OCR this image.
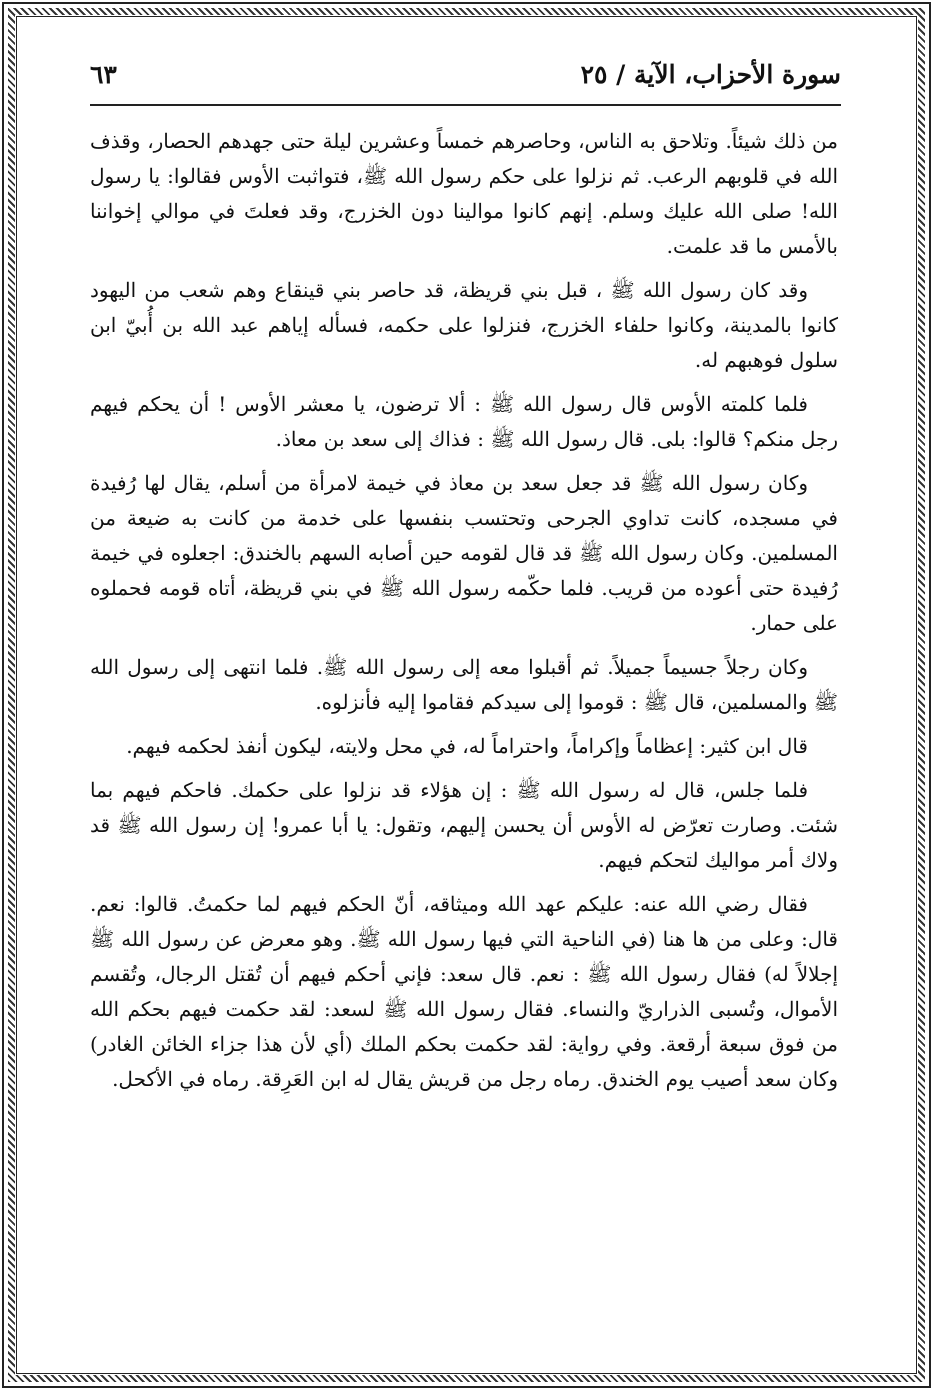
سورة الأحزاب، الآية / ٢٥
٦٣

من ذلك شيئاً. وتلاحق به الناس، وحاصرهم خمساً وعشرين ليلة حتى جهدهم الحصار، وقذف الله في قلوبهم الرعب. ثم نزلوا على حكم رسول الله ﷺ، فتواثبت الأوس فقالوا: يا رسول الله! صلى الله عليك وسلم. إنهم كانوا موالينا دون الخزرج، وقد فعلتَ في موالي إخواننا بالأمس ما قد علمت.

وقد كان رسول الله ﷺ ، قبل بني قريظة، قد حاصر بني قينقاع وهم شعب من اليهود كانوا بالمدينة، وكانوا حلفاء الخزرج، فنزلوا على حكمه، فسأله إياهم عبد الله بن أُبيّ ابن سلول فوهبهم له.

فلما كلمته الأوس قال رسول الله ﷺ : ألا ترضون، يا معشر الأوس ! أن يحكم فيهم رجل منكم؟ قالوا: بلى. قال رسول الله ﷺ : فذاك إلى سعد بن معاذ.

وكان رسول الله ﷺ قد جعل سعد بن معاذ في خيمة لامرأة من أسلم، يقال لها رُفيدة في مسجده، كانت تداوي الجرحى وتحتسب بنفسها على خدمة من كانت به ضيعة من المسلمين. وكان رسول الله ﷺ قد قال لقومه حين أصابه السهم بالخندق: اجعلوه في خيمة رُفيدة حتى أعوده من قريب. فلما حكّمه رسول الله ﷺ في بني قريظة، أتاه قومه فحملوه على حمار.

وكان رجلاً جسيماً جميلاً. ثم أقبلوا معه إلى رسول الله ﷺ. فلما انتهى إلى رسول الله ﷺ والمسلمين، قال ﷺ : قوموا إلى سيدكم فقاموا إليه فأنزلوه.

قال ابن كثير: إعظاماً وإكراماً، واحتراماً له، في محل ولايته، ليكون أنفذ لحكمه فيهم.

فلما جلس، قال له رسول الله ﷺ : إن هؤلاء قد نزلوا على حكمك. فاحكم فيهم بما شئت. وصارت تعرّض له الأوس أن يحسن إليهم، وتقول: يا أبا عمرو! إن رسول الله ﷺ قد ولاك أمر مواليك لتحكم فيهم.

فقال رضي الله عنه: عليكم عهد الله وميثاقه، أنّ الحكم فيهم لما حكمتُ. قالوا: نعم. قال: وعلى من ها هنا (في الناحية التي فيها رسول الله ﷺ. وهو معرض عن رسول الله ﷺ إجلالاً له) فقال رسول الله ﷺ : نعم. قال سعد: فإني أحكم فيهم أن تُقتل الرجال، وتُقسم الأموال، وتُسبى الذراريّ والنساء. فقال رسول الله ﷺ لسعد: لقد حكمت فيهم بحكم الله من فوق سبعة أرقعة. وفي رواية: لقد حكمت بحكم الملك (أي لأن هذا جزاء الخائن الغادر) وكان سعد أصيب يوم الخندق. رماه رجل من قريش يقال له ابن العَرِقة. رماه في الأكحل.
